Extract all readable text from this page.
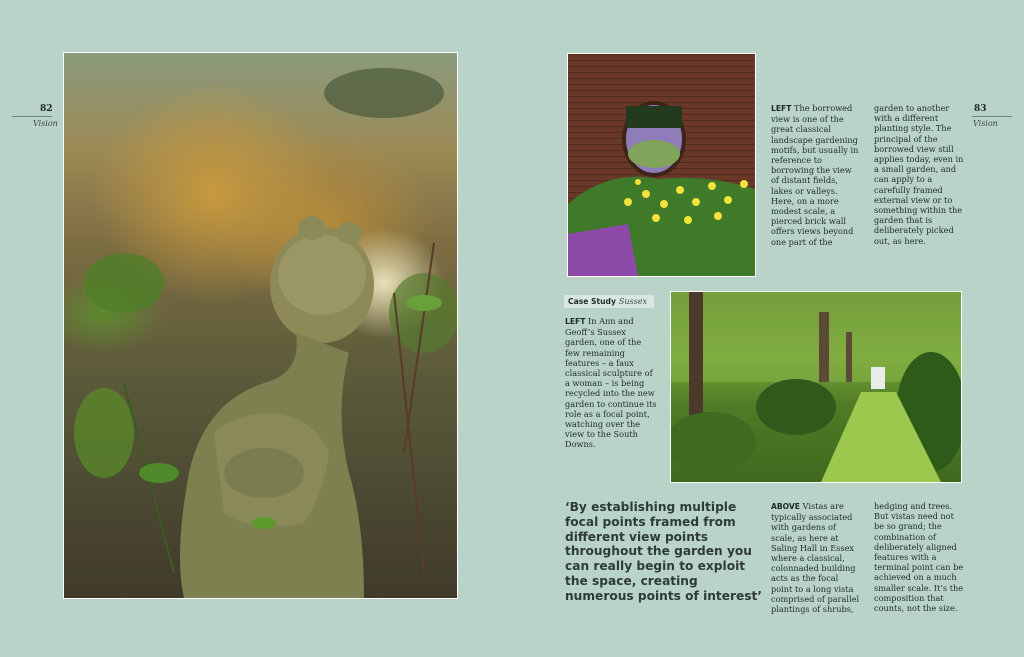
82
Vision
83
Vision
LEFT The borrowed view is one of the great classical landscape gardening motifs, but usually in reference to borrowing the view of distant fields, lakes or valleys. Here, on a more modest scale, a pierced brick wall offers views beyond one part of the
garden to another with a different planting style. The principal of the borrowed view still applies today, even in a small garden, and can apply to a carefully framed external view or to something within the garden that is deliberately picked out, as here.
Case Study Sussex
LEFT In Ann and Geoff’s Sussex garden, one of the few remaining features – a faux classical sculpture of a woman – is being recycled into the new garden to continue its role as a focal point, watching over the view to the South Downs.
‘By establishing multiple focal points framed from different view points throughout the garden you can really begin to exploit the space, creating numerous points of interest’
ABOVE Vistas are typically associated with gardens of scale, as here at Saling Hall in Essex where a classical, colonnaded building acts as the focal point to a long vista comprised of parallel plantings of shrubs,
hedging and trees. But vistas need not be so grand; the combination of deliberately aligned features with a terminal point can be achieved on a much smaller scale. It’s the composition that counts, not the size.
